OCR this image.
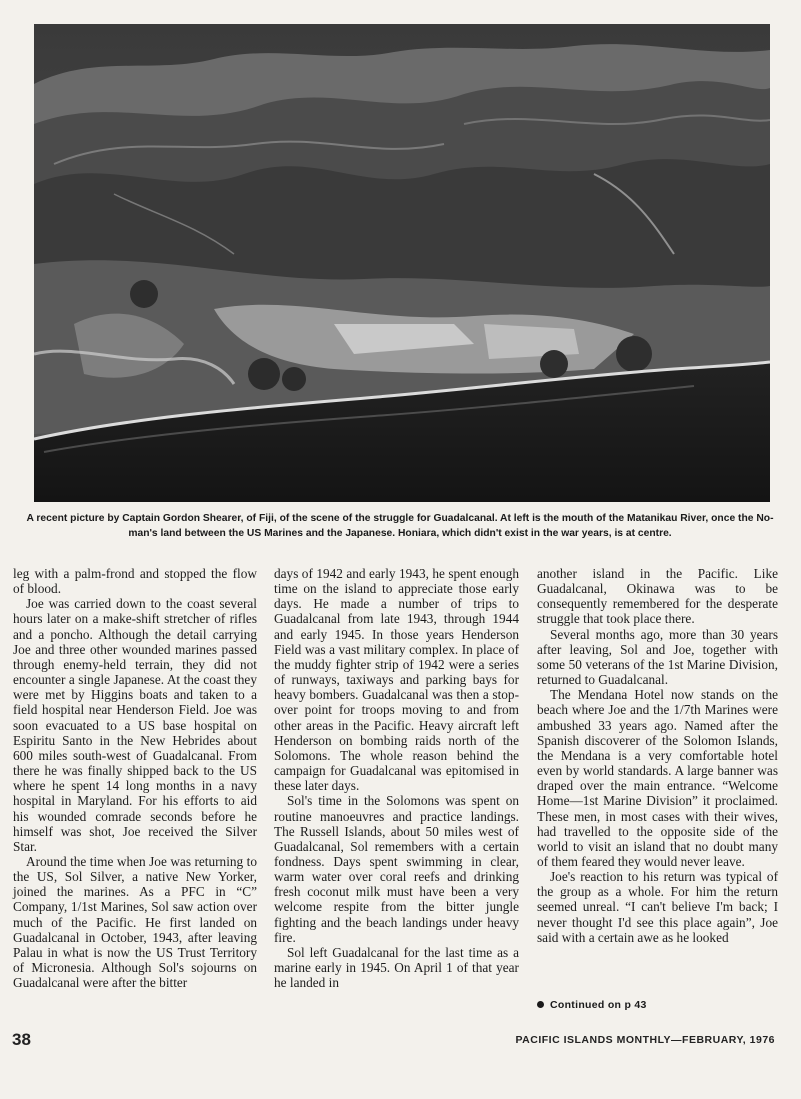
A recent picture by Captain Gordon Shearer, of Fiji, of the scene of the struggle for Guadalcanal. At left is the mouth of the Matanikau River, once the No-man's land between the US Marines and the Japanese. Honiara, which didn't exist in the war years, is at centre.

leg with a palm-frond and stopped the flow of blood.

Joe was carried down to the coast several hours later on a make-shift stretcher of rifles and a poncho. Although the detail carrying Joe and three other wounded marines passed through enemy-held terrain, they did not encounter a single Japanese. At the coast they were met by Higgins boats and taken to a field hospital near Henderson Field. Joe was soon evacuated to a US base hospital on Espiritu Santo in the New Hebrides about 600 miles south-west of Guadalcanal. From there he was finally shipped back to the US where he spent 14 long months in a navy hospital in Maryland. For his efforts to aid his wounded comrade seconds before he himself was shot, Joe received the Silver Star.

Around the time when Joe was returning to the US, Sol Silver, a native New Yorker, joined the marines. As a PFC in “C” Company, 1/1st Marines, Sol saw action over much of the Pacific. He first landed on Guadalcanal in October, 1943, after leaving Palau in what is now the US Trust Territory of Micronesia. Although Sol's sojourns on Guadalcanal were after the bitter

days of 1942 and early 1943, he spent enough time on the island to appreciate those early days. He made a number of trips to Guadalcanal from late 1943, through 1944 and early 1945. In those years Henderson Field was a vast military complex. In place of the muddy fighter strip of 1942 were a series of runways, taxiways and parking bays for heavy bombers. Guadalcanal was then a stop-over point for troops moving to and from other areas in the Pacific. Heavy aircraft left Henderson on bombing raids north of the Solomons. The whole reason behind the campaign for Guadalcanal was epitomised in these later days.

Sol's time in the Solomons was spent on routine manoeuvres and practice landings. The Russell Islands, about 50 miles west of Guadalcanal, Sol remembers with a certain fondness. Days spent swimming in clear, warm water over coral reefs and drinking fresh coconut milk must have been a very welcome respite from the bitter jungle fighting and the beach landings under heavy fire.

Sol left Guadalcanal for the last time as a marine early in 1945. On April 1 of that year he landed in

another island in the Pacific. Like Guadalcanal, Okinawa was to be consequently remembered for the desperate struggle that took place there.

Several months ago, more than 30 years after leaving, Sol and Joe, together with some 50 veterans of the 1st Marine Division, returned to Guadalcanal.

The Mendana Hotel now stands on the beach where Joe and the 1/7th Marines were ambushed 33 years ago. Named after the Spanish discoverer of the Solomon Islands, the Mendana is a very comfortable hotel even by world standards. A large banner was draped over the main entrance. “Welcome Home—1st Marine Division” it proclaimed. These men, in most cases with their wives, had travelled to the opposite side of the world to visit an island that no doubt many of them feared they would never leave.

Joe's reaction to his return was typical of the group as a whole. For him the return seemed unreal. “I can't believe I'm back; I never thought I'd see this place again”, Joe said with a certain awe as he looked

Continued on p 43
38	PACIFIC ISLANDS MONTHLY—FEBRUARY, 1976
